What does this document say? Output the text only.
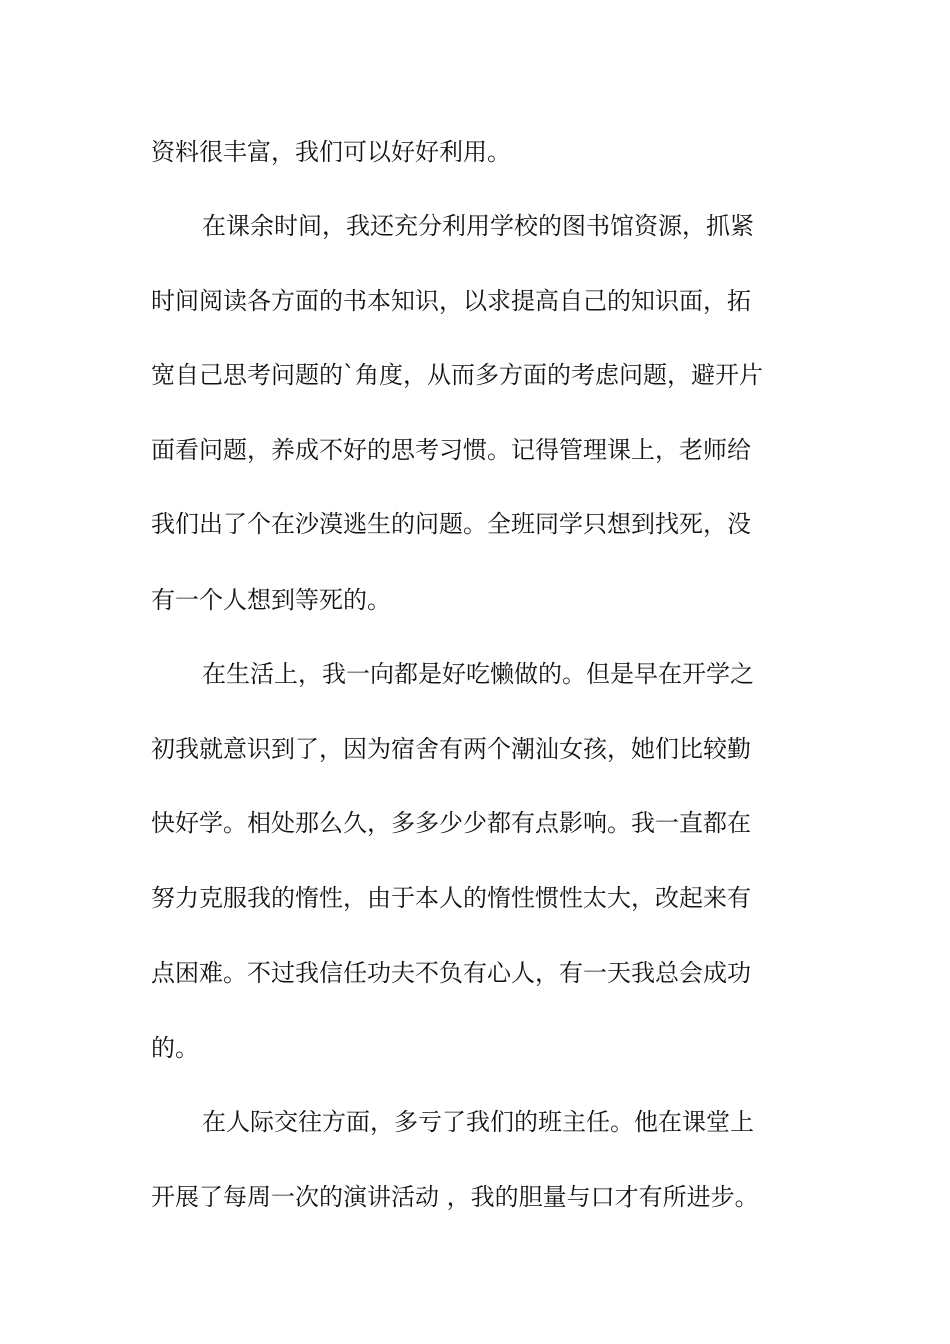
资料很丰富，我们可以好好利用。
在课余时间，我还充分利用学校的图书馆资源，抓紧
时间阅读各方面的书本知识，以求提高自己的知识面，拓
宽自己思考问题的`角度，从而多方面的考虑问题，避开片
面看问题，养成不好的思考习惯。记得管理课上，老师给
我们出了个在沙漠逃生的问题。全班同学只想到找死，没
有一个人想到等死的。
在生活上，我一向都是好吃懒做的。但是早在开学之
初我就意识到了，因为宿舍有两个潮汕女孩，她们比较勤
快好学。相处那么久，多多少少都有点影响。我一直都在
努力克服我的惰性，由于本人的惰性惯性太大，改起来有
点困难。不过我信任功夫不负有心人，有一天我总会成功
的。
在人际交往方面，多亏了我们的班主任。他在课堂上
开展了每周一次的演讲活动 ，我的胆量与口才有所进步。
